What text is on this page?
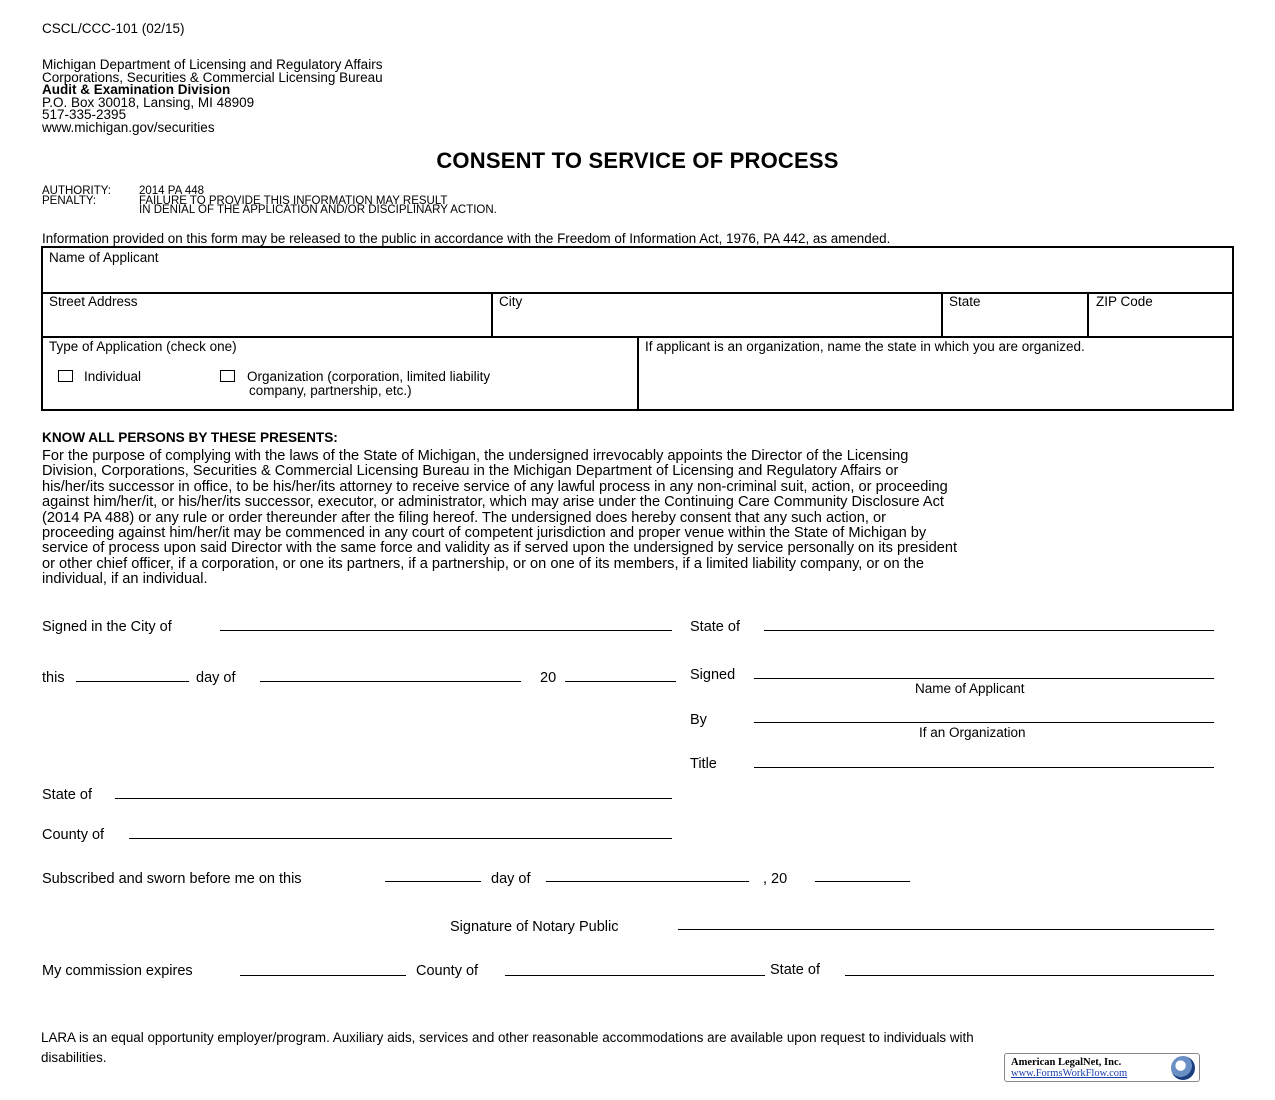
CSCL/CCC-101 (02/15)
Michigan Department of Licensing and Regulatory Affairs
Corporations, Securities & Commercial Licensing Bureau
Audit & Examination Division
P.O. Box 30018, Lansing, MI 48909
517-335-2395
www.michigan.gov/securities
CONSENT TO SERVICE OF PROCESS
AUTHORITY: 2014 PA 448
PENALTY:	FAILURE TO PROVIDE THIS INFORMATION MAY RESULT
IN DENIAL OF THE APPLICATION AND/OR DISCIPLINARY ACTION.
Information provided on this form may be released to the public in accordance with the Freedom of Information Act, 1976, PA 442, as amended.
Name of Applicant
Street Address	City	State	ZIP Code
Type of Application (check one)	If applicant is an organization, name the state in which you are organized.
Individual	Organization (corporation, limited liability
company, partnership, etc.)
KNOW ALL PERSONS BY THESE PRESENTS:
For the purpose of complying with the laws of the State of Michigan, the undersigned irrevocably appoints the Director of the Licensing
Division, Corporations, Securities & Commercial Licensing Bureau in the Michigan Department of Licensing and Regulatory Affairs or
his/her/its successor in office, to be his/her/its attorney to receive service of any lawful process in any non-criminal suit, action, or proceeding
against him/her/it, or his/her/its successor, executor, or administrator, which may arise under the Continuing Care Community Disclosure Act
(2014 PA 488) or any rule or order thereunder after the filing hereof. The undersigned does hereby consent that any such action, or
proceeding against him/her/it may be commenced in any court of competent jurisdiction and proper venue within the State of Michigan by
service of process upon said Director with the same force and validity as if served upon the undersigned by service personally on its president
or other chief officer, if a corporation, or one its partners, if a partnership, or on one of its members, if a limited liability company, or on the
individual, if an individual.
Signed in the City of	State of
this	day of	20	Signed
Name of Applicant
By
If an Organization
Title
State of
County of
Subscribed and sworn before me on this	day of	, 20
Signature of Notary Public
My commission expires	County of	State of
LARA is an equal opportunity employer/program. Auxiliary aids, services and other reasonable accommodations are available upon request to individuals with
disabilities.	American LegalNet, Inc.
www.FormsWorkFlow.com
